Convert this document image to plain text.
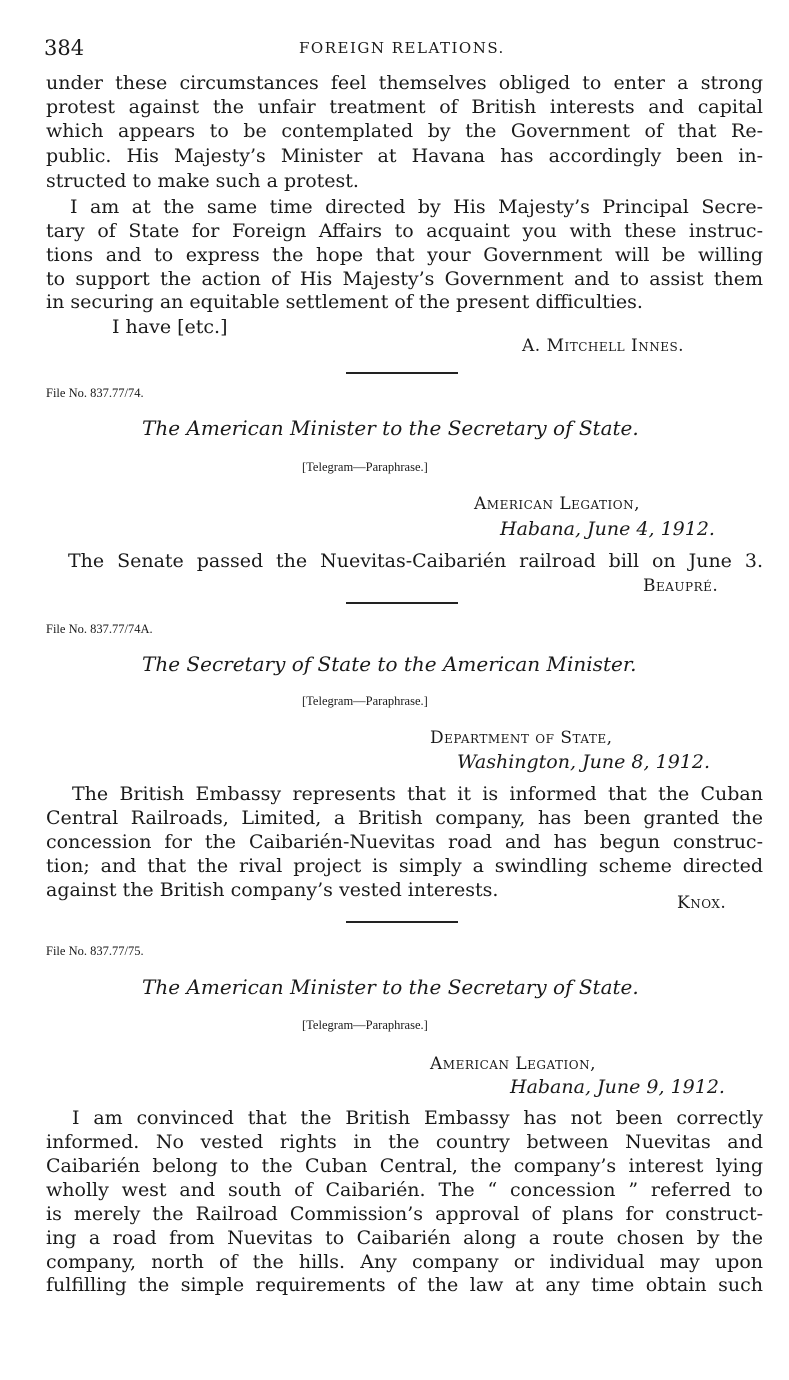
384	FOREIGN RELATIONS.
under these circumstances feel themselves obliged to enter a strong
protest against the unfair treatment of British interests and capital
which appears to be contemplated by the Government of that Re-
public. His Majesty’s Minister at Havana has accordingly been in-
structed to make such a protest.
I am at the same time directed by His Majesty’s Principal Secre-
tary of State for Foreign Affairs to acquaint you with these instruc-
tions and to express the hope that your Government will be willing
to support the action of His Majesty’s Government and to assist them
in securing an equitable settlement of the present difficulties.
I have [etc.]
A. Mitchell Innes.
File No. 837.77/74.
The American Minister to the Secretary of State.
[Telegram—Paraphrase.]
American Legation,
Habana, June 4, 1912.
The Senate passed the Nuevitas-Caibarién railroad bill on June 3.
Beaupré.
File No. 837.77/74A.
The Secretary of State to the American Minister.
[Telegram—Paraphrase.]
Department of State,
Washington, June 8, 1912.
The British Embassy represents that it is informed that the Cuban
Central Railroads, Limited, a British company, has been granted the
concession for the Caibarién-Nuevitas road and has begun construc-
tion; and that the rival project is simply a swindling scheme directed
against the British company’s vested interests.
Knox.
File No. 837.77/75.
The American Minister to the Secretary of State.
[Telegram—Paraphrase.]
American Legation,
Habana, June 9, 1912.
I am convinced that the British Embassy has not been correctly
informed. No vested rights in the country between Nuevitas and
Caibarién belong to the Cuban Central, the company’s interest lying
wholly west and south of Caibarién. The “ concession ” referred to
is merely the Railroad Commission’s approval of plans for construct-
ing a road from Nuevitas to Caibarién along a route chosen by the
company, north of the hills. Any company or individual may upon
fulfilling the simple requirements of the law at any time obtain such
